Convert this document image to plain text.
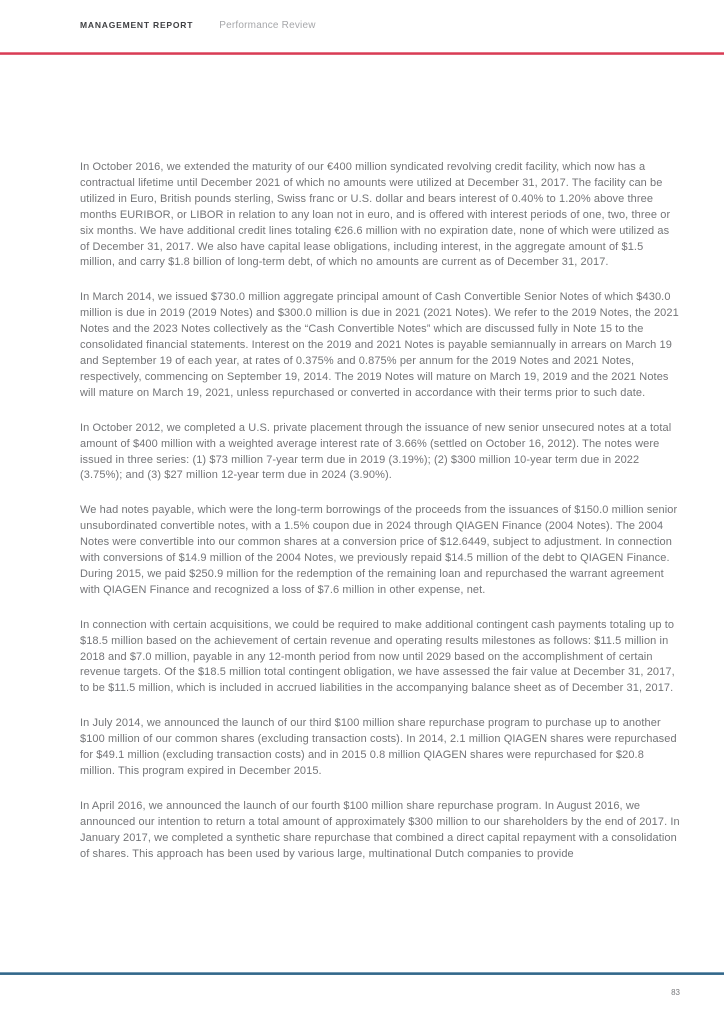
MANAGEMENT REPORT	Performance Review

In October 2016, we extended the maturity of our €400 million syndicated revolving credit facility, which now has a contractual lifetime until December 2021 of which no amounts were utilized at December 31, 2017. The facility can be utilized in Euro, British pounds sterling, Swiss franc or U.S. dollar and bears interest of 0.40% to 1.20% above three months EURIBOR, or LIBOR in relation to any loan not in euro, and is offered with interest periods of one, two, three or six months. We have additional credit lines totaling €26.6 million with no expiration date, none of which were utilized as of December 31, 2017. We also have capital lease obligations, including interest, in the aggregate amount of $1.5 million, and carry $1.8 billion of long-term debt, of which no amounts are current as of December 31, 2017.

In March 2014, we issued $730.0 million aggregate principal amount of Cash Convertible Senior Notes of which $430.0 million is due in 2019 (2019 Notes) and $300.0 million is due in 2021 (2021 Notes). We refer to the 2019 Notes, the 2021 Notes and the 2023 Notes collectively as the “Cash Convertible Notes” which are discussed fully in Note 15 to the consolidated financial statements. Interest on the 2019 and 2021 Notes is payable semiannually in arrears on March 19 and September 19 of each year, at rates of 0.375% and 0.875% per annum for the 2019 Notes and 2021 Notes, respectively, commencing on September 19, 2014. The 2019 Notes will mature on March 19, 2019 and the 2021 Notes will mature on March 19, 2021, unless repurchased or converted in accordance with their terms prior to such date.

In October 2012, we completed a U.S. private placement through the issuance of new senior unsecured notes at a total amount of $400 million with a weighted average interest rate of 3.66% (settled on October 16, 2012). The notes were issued in three series: (1) $73 million 7-year term due in 2019 (3.19%); (2) $300 million 10-year term due in 2022 (3.75%); and (3) $27 million 12-year term due in 2024 (3.90%).

We had notes payable, which were the long-term borrowings of the proceeds from the issuances of $150.0 million senior unsubordinated convertible notes, with a 1.5% coupon due in 2024 through QIAGEN Finance (2004 Notes). The 2004 Notes were convertible into our common shares at a conversion price of $12.6449, subject to adjustment. In connection with conversions of $14.9 million of the 2004 Notes, we previously repaid $14.5 million of the debt to QIAGEN Finance. During 2015, we paid $250.9 million for the redemption of the remaining loan and repurchased the warrant agreement with QIAGEN Finance and recognized a loss of $7.6 million in other expense, net.

In connection with certain acquisitions, we could be required to make additional contingent cash payments totaling up to $18.5 million based on the achievement of certain revenue and operating results milestones as follows: $11.5 million in 2018 and $7.0 million, payable in any 12-month period from now until 2029 based on the accomplishment of certain revenue targets. Of the $18.5 million total contingent obligation, we have assessed the fair value at December 31, 2017, to be $11.5 million, which is included in accrued liabilities in the accompanying balance sheet as of December 31, 2017.

In July 2014, we announced the launch of our third $100 million share repurchase program to purchase up to another $100 million of our common shares (excluding transaction costs). In 2014, 2.1 million QIAGEN shares were repurchased for $49.1 million (excluding transaction costs) and in 2015 0.8 million QIAGEN shares were repurchased for $20.8 million. This program expired in December 2015.

In April 2016, we announced the launch of our fourth $100 million share repurchase program. In August 2016, we announced our intention to return a total amount of approximately $300 million to our shareholders by the end of 2017. In January 2017, we completed a synthetic share repurchase that combined a direct capital repayment with a consolidation of shares. This approach has been used by various large, multinational Dutch companies to provide

83
